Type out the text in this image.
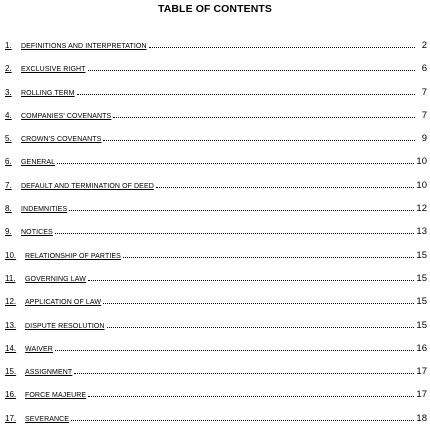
TABLE OF CONTENTS
1.	DEFINITIONS AND INTERPRETATION	2
2.	EXCLUSIVE RIGHT	6
3.	ROLLING TERM	7
4.	COMPANIES' COVENANTS	7
5.	CROWN'S COVENANTS	9
6.	GENERAL	10
7.	DEFAULT AND TERMINATION OF DEED	10
8.	INDEMNITIES	12
9.	NOTICES	13
10.	RELATIONSHIP OF PARTIES	15
11.	GOVERNING LAW	15
12.	APPLICATION OF LAW	15
13.	DISPUTE RESOLUTION	15
14.	WAIVER	16
15.	ASSIGNMENT	17
16.	FORCE MAJEURE	17
17.	SEVERANCE	18
